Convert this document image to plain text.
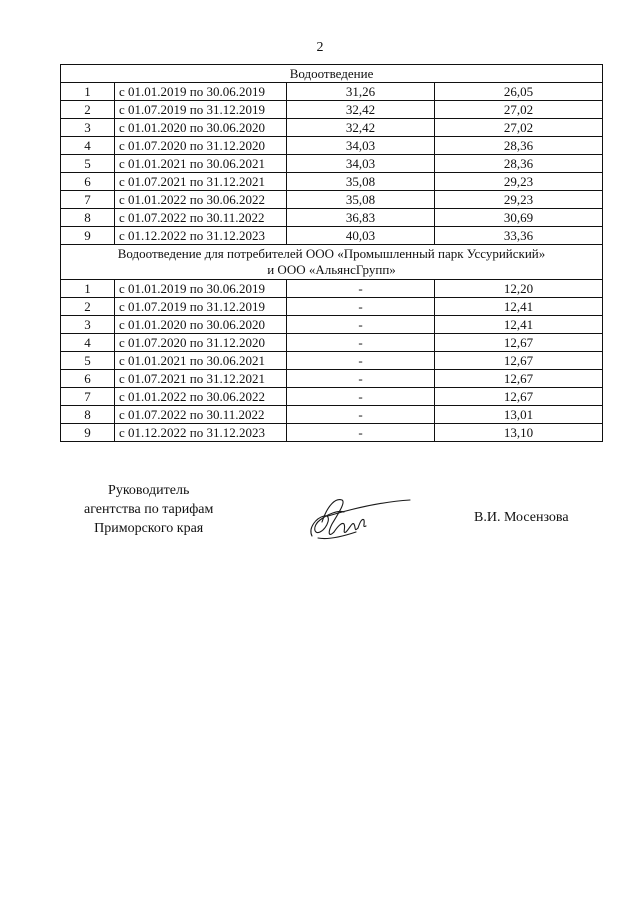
2
Водоотведение			

1	с 01.01.2019 по 30.06.2019	31,26	26,05
2	с 01.07.2019 по 31.12.2019	32,42	27,02
3	с 01.01.2020 по 30.06.2020	32,42	27,02
4	с 01.07.2020 по 31.12.2020	34,03	28,36
5	с 01.01.2021 по 30.06.2021	34,03	28,36
6	с 01.07.2021 по 31.12.2021	35,08	29,23
7	с 01.01.2022 по 30.06.2022	35,08	29,23
8	с 01.07.2022 по 30.11.2022	36,83	30,69
9	с 01.12.2022 по 31.12.2023	40,03	33,36

Водоотведение для потребителей ООО «Промышленный парк Уссурийский»
и ООО «АльянсГрупп»			

1	с 01.01.2019 по 30.06.2019	-	12,20
2	с 01.07.2019 по 31.12.2019	-	12,41
3	с 01.01.2020 по 30.06.2020	-	12,41
4	с 01.07.2020 по 31.12.2020	-	12,67
5	с 01.01.2021 по 30.06.2021	-	12,67
6	с 01.07.2021 по 31.12.2021	-	12,67
7	с 01.01.2022 по 30.06.2022	-	12,67
8	с 01.07.2022 по 30.11.2022	-	13,01
9	с 01.12.2022 по 31.12.2023	-	13,10
Руководитель
агентства по тарифам
Приморского края
В.И. Мосензова
